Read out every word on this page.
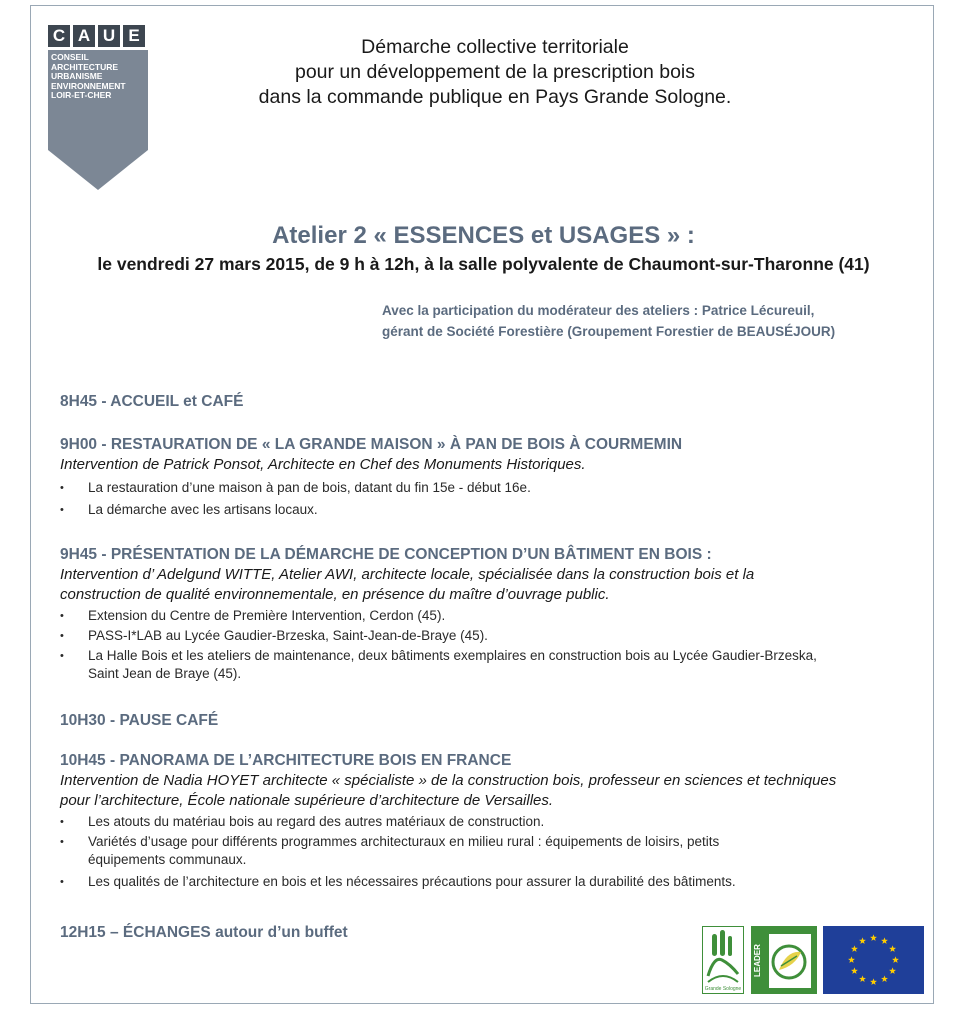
C A U E
CONSEIL
ARCHITECTURE
URBANISME
ENVIRONNEMENT
LOIR-ET-CHER
Démarche collective territoriale
pour un développement de la prescription bois
dans la commande publique en Pays Grande Sologne.
Atelier 2 « ESSENCES et USAGES » :
le vendredi 27 mars 2015, de 9 h à 12h, à la salle polyvalente de Chaumont-sur-Tharonne (41)
Avec la participation du modérateur des ateliers : Patrice Lécureuil,
gérant de Société Forestière (Groupement Forestier de BEAUSÉJOUR)

8H45 - ACCUEIL et CAFÉ

9H00 - RESTAURATION DE « LA GRANDE MAISON » À PAN DE BOIS À COURMEMIN

Intervention de Patrick Ponsot, Architecte en Chef des Monuments Historiques.

• La restauration d’une maison à pan de bois, datant du fin 15e - début 16e.
• La démarche avec les artisans locaux.

9H45 - PRÉSENTATION DE LA DÉMARCHE DE CONCEPTION D’UN BÂTIMENT EN BOIS :

Intervention d’ Adelgund WITTE, Atelier AWI, architecte locale, spécialisée dans la construction bois et la

construction de qualité environnementale, en présence du maître d’ouvrage public.

• Extension du Centre de Première Intervention, Cerdon (45).
• PASS-I*LAB au Lycée Gaudier-Brzeska, Saint-Jean-de-Braye (45).
• La Halle Bois et les ateliers de maintenance, deux bâtiments exemplaires en construction bois au Lycée Gaudier-Brzeska,
Saint Jean de Braye (45).

10H30 - PAUSE CAFÉ

10H45 - PANORAMA DE L’ARCHITECTURE BOIS EN FRANCE

Intervention de Nadia HOYET architecte « spécialiste » de la construction bois, professeur en sciences et techniques

pour l’architecture, École nationale supérieure d’architecture de Versailles.

• Les atouts du matériau bois au regard des autres matériaux de construction.
• Variétés d’usage pour différents programmes architecturaux en milieu rural : équipements de loisirs, petits
équipements communaux.
• Les qualités de l’architecture en bois et les nécessaires précautions pour assurer la durabilité des bâtiments.

12H15 – ÉCHANGES autour d’un buffet

Grande Sologne
LEADER
